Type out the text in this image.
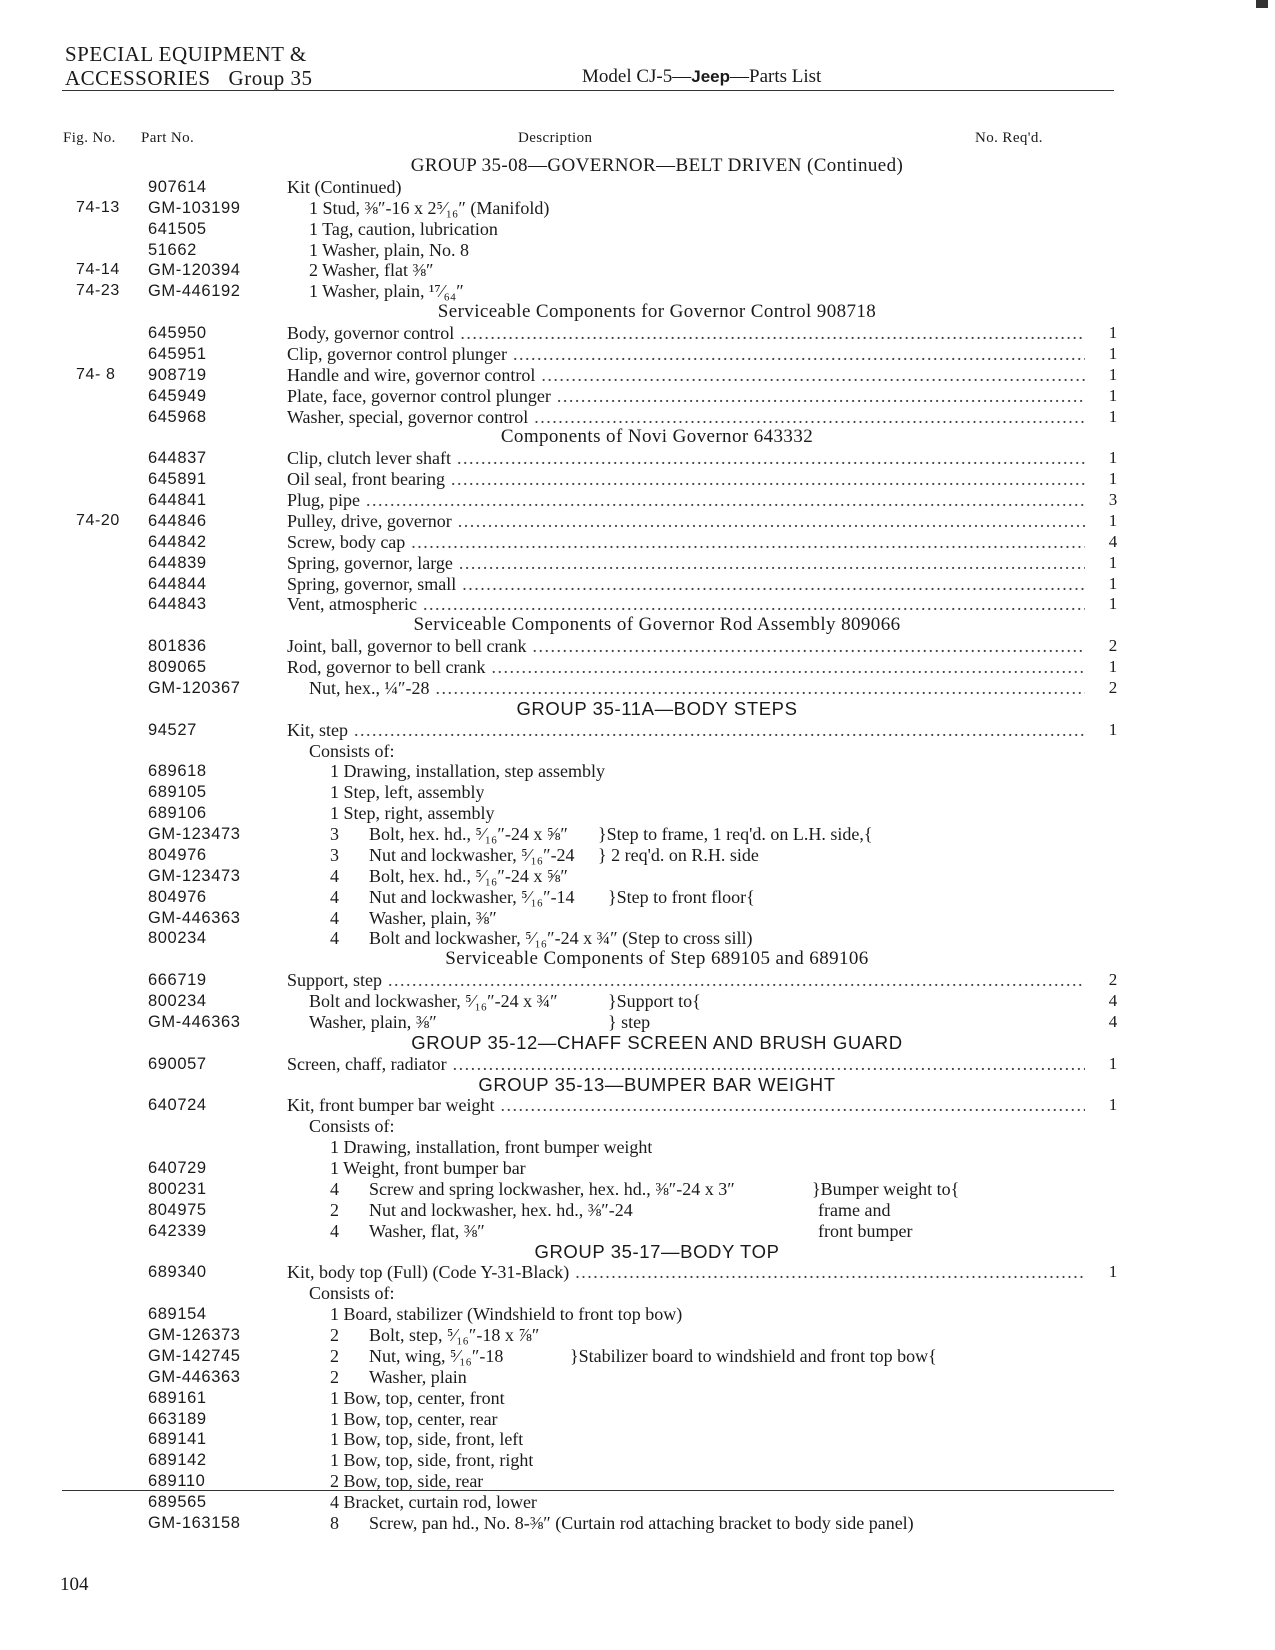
SPECIAL EQUIPMENT &
ACCESSORIES Group 35	Model CJ-5—Jeep—Parts List
Fig. No. Part No.	Description	No. Req'd.
GROUP 35-08—GOVERNOR—BELT DRIVEN (Continued)
907614	Kit (Continued)
74-13	GM-103199	1 Stud, ⅜″-16 x 2⁵⁄₁₆″ (Manifold)
641505	1 Tag, caution, lubrication
51662	1 Washer, plain, No. 8
74-14	GM-120394	2 Washer, flat ⅜″
74-23	GM-446192	1 Washer, plain, ¹⁷⁄₆₄″
Serviceable Components for Governor Control 908718
645950	Body, governor control .....	1
645951	Clip, governor control plunger .....	1
74- 8	908719	Handle and wire, governor control .....	1
645949	Plate, face, governor control plunger .....	1
645968	Washer, special, governor control .....	1
Components of Novi Governor 643332
644837	Clip, clutch lever shaft .....	1
645891	Oil seal, front bearing .....	1
644841	Plug, pipe .....	3
74-20	644846	Pulley, drive, governor .....	1
644842	Screw, body cap .....	4
644839	Spring, governor, large .....	1
644844	Spring, governor, small .....	1
644843	Vent, atmospheric .....	1
Serviceable Components of Governor Rod Assembly 809066
801836	Joint, ball, governor to bell crank .....	2
809065	Rod, governor to bell crank .....	1
GM-120367	Nut, hex., ¼″-28 .....	2
GROUP 35-11A—BODY STEPS
94527	Kit, step .....	1
Consists of:
689618	1 Drawing, installation, step assembly
689105	1 Step, left, assembly
689106	1 Step, right, assembly
GM-123473	3	Bolt, hex. hd., ⁵⁄₁₆″-24 x ⅝″ }Step to frame, 1 req'd. on L.H. side,{
804976	3	Nut and lockwasher, ⁵⁄₁₆″-24 } 2 req'd. on R.H. side
GM-123473	4	Bolt, hex. hd., ⁵⁄₁₆″-24 x ⅝″
804976	4	Nut and lockwasher, ⁵⁄₁₆″-14 }Step to front floor{
GM-446363	4	Washer, plain, ⅜″
800234	4	Bolt and lockwasher, ⁵⁄₁₆″-24 x ¾″ (Step to cross sill)
Serviceable Components of Step 689105 and 689106
666719	Support, step .....	2
800234	Bolt and lockwasher, ⁵⁄₁₆″-24 x ¾″	}Support to{	4
GM-446363	Washer, plain, ⅜″	} step	4
GROUP 35-12—CHAFF SCREEN AND BRUSH GUARD
690057	Screen, chaff, radiator .....	1
GROUP 35-13—BUMPER BAR WEIGHT
640724	Kit, front bumper bar weight .....	1
Consists of:
1 Drawing, installation, front bumper weight
640729	1 Weight, front bumper bar
800231	4	Screw and spring lockwasher, hex. hd., ⅜″-24 x 3″	}Bumper weight to{
804975	2	Nut and lockwasher, hex. hd., ⅜″-24	frame and
642339	4	Washer, flat, ⅜″	front bumper
GROUP 35-17—BODY TOP
689340	Kit, body top (Full) (Code Y-31-Black) .....	1
Consists of:
689154	1 Board, stabilizer (Windshield to front top bow)
GM-126373	2	Bolt, step, ⁵⁄₁₆″-18 x ⅞″
GM-142745	2	Nut, wing, ⁵⁄₁₆″-18	}Stabilizer board to windshield and front top bow{
GM-446363	2	Washer, plain
689161	1 Bow, top, center, front
663189	1 Bow, top, center, rear
689141	1 Bow, top, side, front, left
689142	1 Bow, top, side, front, right
689110	2 Bow, top, side, rear
689565	4 Bracket, curtain rod, lower
GM-163158	8	Screw, pan hd., No. 8-⅜″ (Curtain rod attaching bracket to body side panel)
104
